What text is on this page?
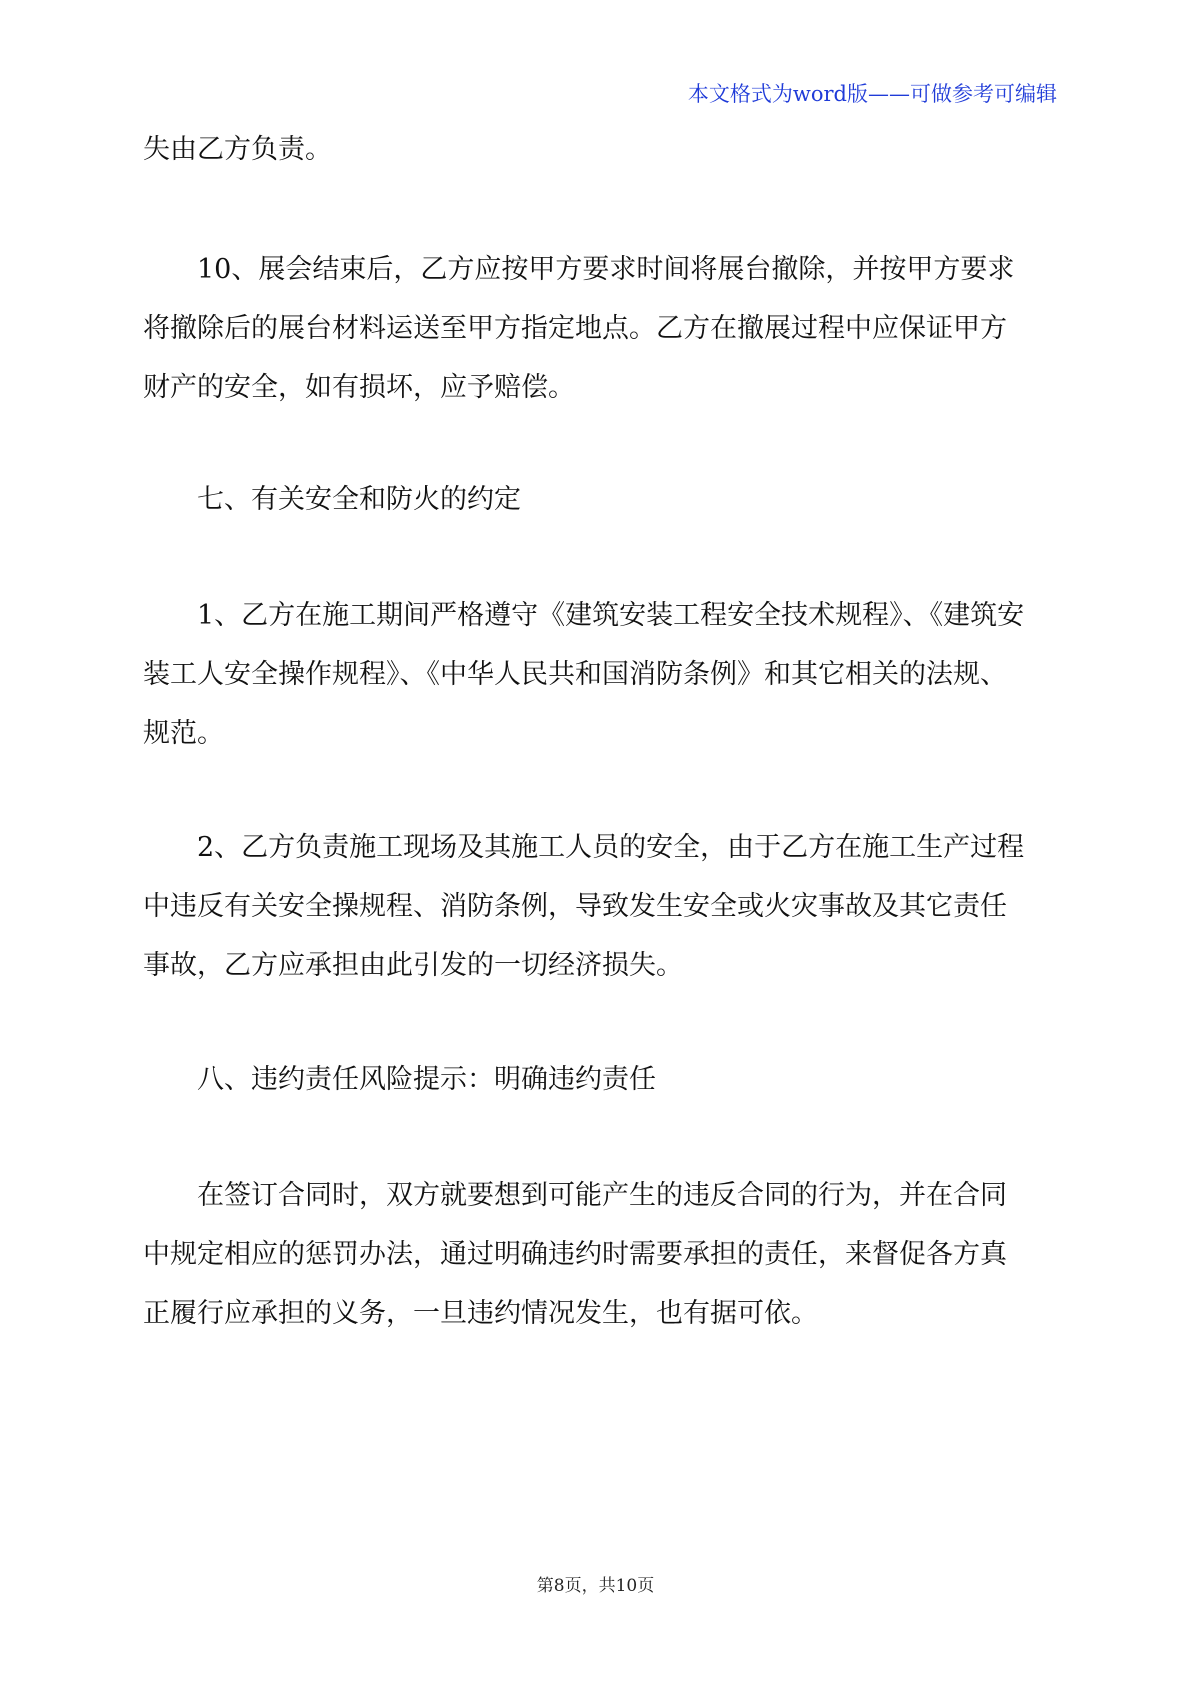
本文格式为word版——可做参考可编辑
失由乙方负责。
10、展会结束后，乙方应按甲方要求时间将展台撤除，并按甲方要求
将撤除后的展台材料运送至甲方指定地点。乙方在撤展过程中应保证甲方
财产的安全，如有损坏，应予赔偿。
七、有关安全和防火的约定
1、乙方在施工期间严格遵守《建筑安装工程安全技术规程》、《建筑安
装工人安全操作规程》、《中华人民共和国消防条例》和其它相关的法规、
规范。
2、乙方负责施工现场及其施工人员的安全，由于乙方在施工生产过程
中违反有关安全操规程、消防条例，导致发生安全或火灾事故及其它责任
事故，乙方应承担由此引发的一切经济损失。
八、违约责任风险提示：明确违约责任
在签订合同时，双方就要想到可能产生的违反合同的行为，并在合同
中规定相应的惩罚办法，通过明确违约时需要承担的责任，来督促各方真
正履行应承担的义务，一旦违约情况发生，也有据可依。
第8页，共10页
